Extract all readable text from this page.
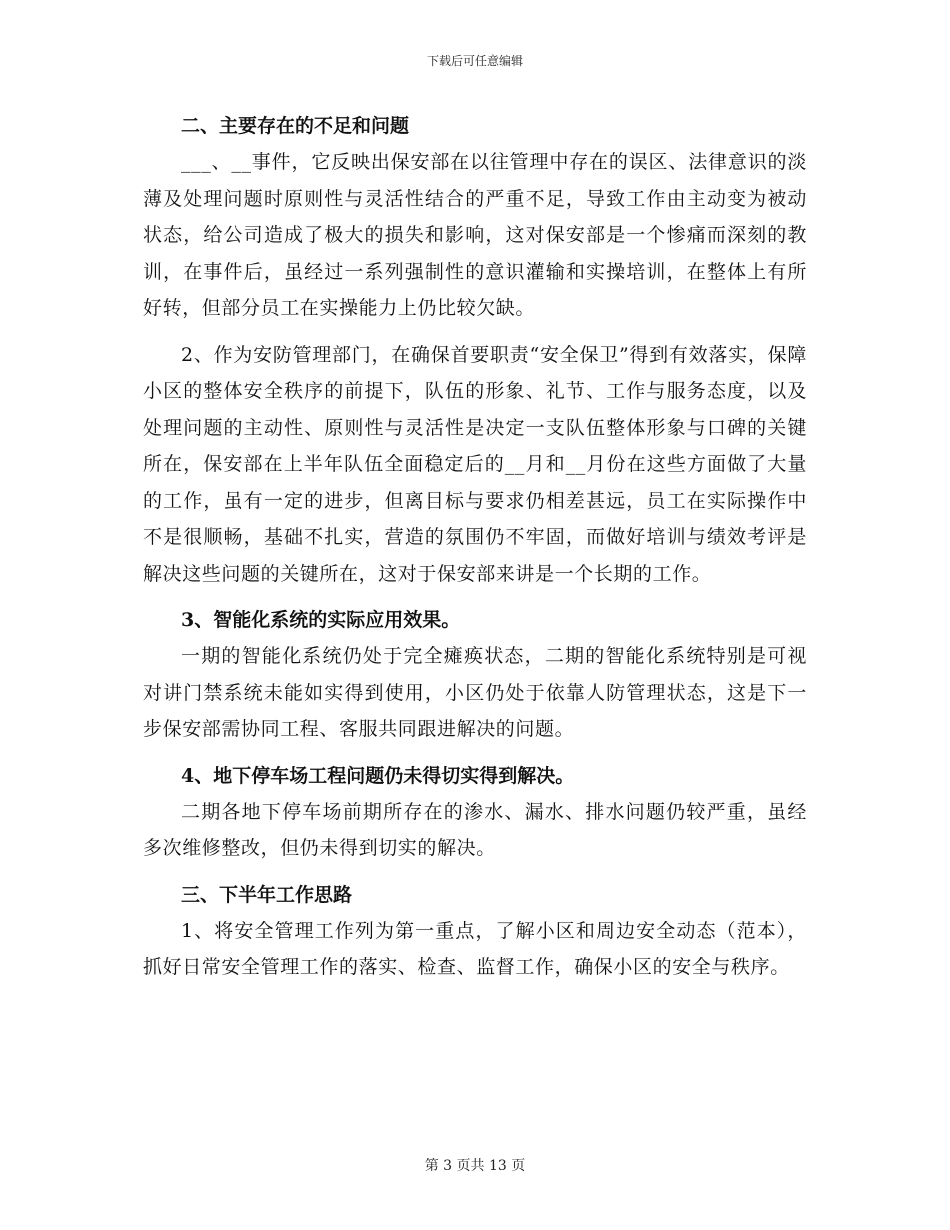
下载后可任意编辑

二、主要存在的不足和问题

___、__事件，它反映出保安部在以往管理中存在的误区、法律意识的淡薄及处理问题时原则性与灵活性结合的严重不足，导致工作由主动变为被动状态，给公司造成了极大的损失和影响，这对保安部是一个惨痛而深刻的教训，在事件后，虽经过一系列强制性的意识灌输和实操培训，在整体上有所好转，但部分员工在实操能力上仍比较欠缺。

2、作为安防管理部门，在确保首要职责“安全保卫”得到有效落实，保障小区的整体安全秩序的前提下，队伍的形象、礼节、工作与服务态度，以及处理问题的主动性、原则性与灵活性是决定一支队伍整体形象与口碑的关键所在，保安部在上半年队伍全面稳定后的__月和__月份在这些方面做了大量的工作，虽有一定的进步，但离目标与要求仍相差甚远，员工在实际操作中不是很顺畅，基础不扎实，营造的氛围仍不牢固，而做好培训与绩效考评是解决这些问题的关键所在，这对于保安部来讲是一个长期的工作。

3、智能化系统的实际应用效果。

一期的智能化系统仍处于完全瘫痪状态，二期的智能化系统特别是可视对讲门禁系统未能如实得到使用，小区仍处于依靠人防管理状态，这是下一步保安部需协同工程、客服共同跟进解决的问题。

4、地下停车场工程问题仍未得切实得到解决。

二期各地下停车场前期所存在的渗水、漏水、排水问题仍较严重，虽经多次维修整改，但仍未得到切实的解决。

三、下半年工作思路

1、将安全管理工作列为第一重点，了解小区和周边安全动态（范本），抓好日常安全管理工作的落实、检查、监督工作，确保小区的安全与秩序。

第 3 页共 13 页
